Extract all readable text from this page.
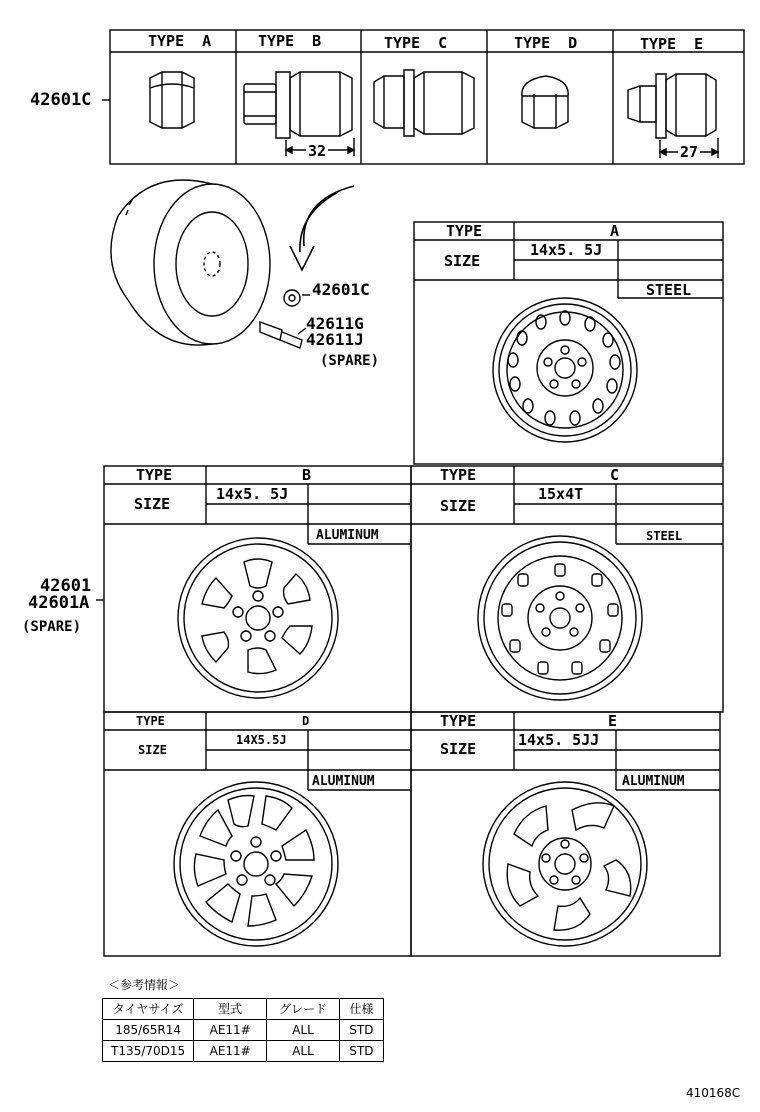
42601C
TYPE  A	TYPE  B	TYPE  C	TYPE  D	TYPE  E
32	27
42601C
42611G
42611J
(SPARE)
42601
42601A
(SPARE)
TYPE	A
SIZE
14x5. 5J
STEEL
TYPE	B
SIZE
14x5. 5J
ALUMINUM
TYPE	C
SIZE
15x4T
STEEL
TYPE	D
SIZE
14X5.5J
ALUMINUM
TYPE	E
SIZE	14x5. 5JJ
ALUMINUM
＜参考情報＞
タイヤサイズ	型式	グレード	仕様
185/65R14	AE11#	ALL	STD
T135/70D15	AE11#	ALL	STD
410168C
